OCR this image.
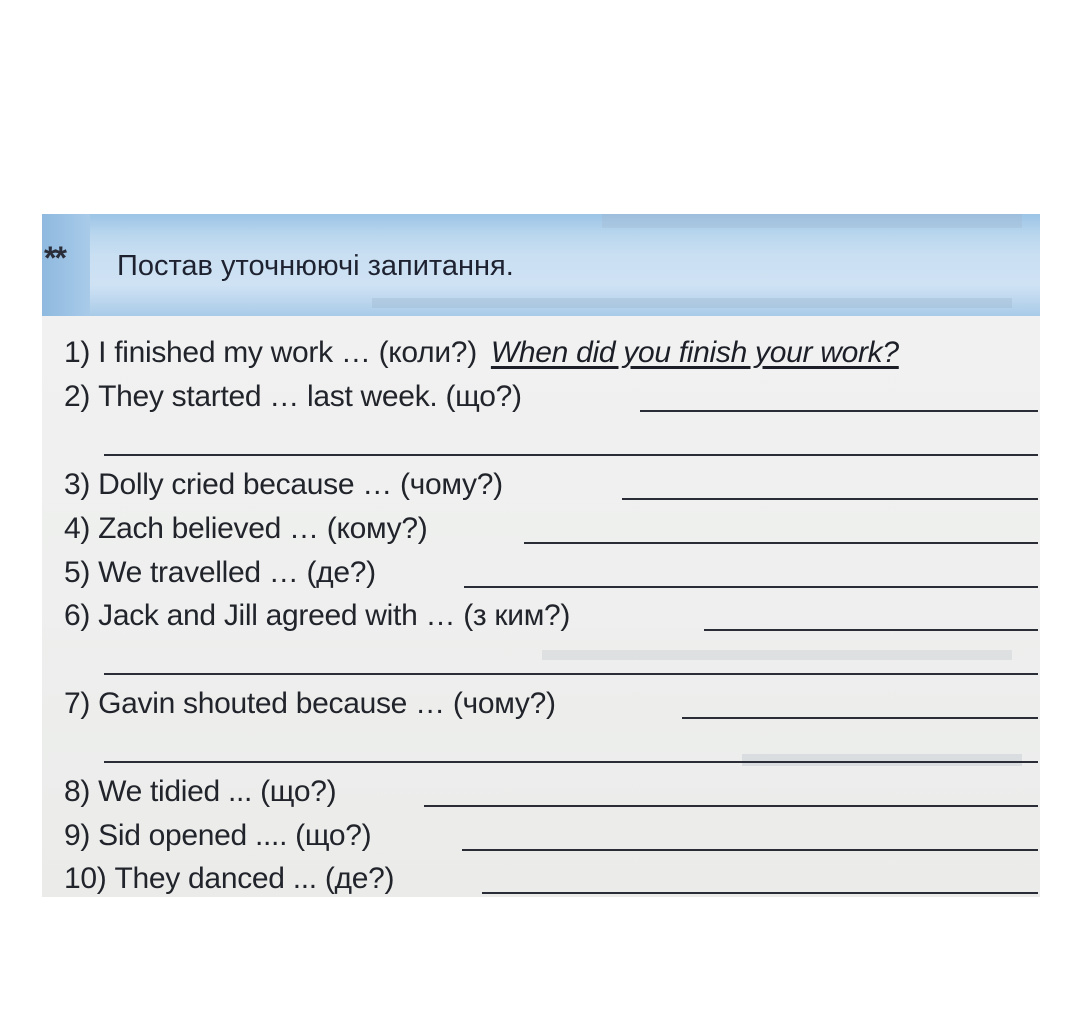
** Постав уточнюючі запитання.
1)
I finished my work … (коли?) When did you finish your work?
2)
They started … last week. (що?)
3)
Dolly cried because … (чому?)
4)
Zach believed … (кому?)
5)
We travelled … (де?)
6)
Jack and Jill agreed with … (з ким?)
7)
Gavin shouted because … (чому?)
8)
We tidied ... (що?)
9)
Sid opened .... (що?)
10)
They danced ... (де?)
